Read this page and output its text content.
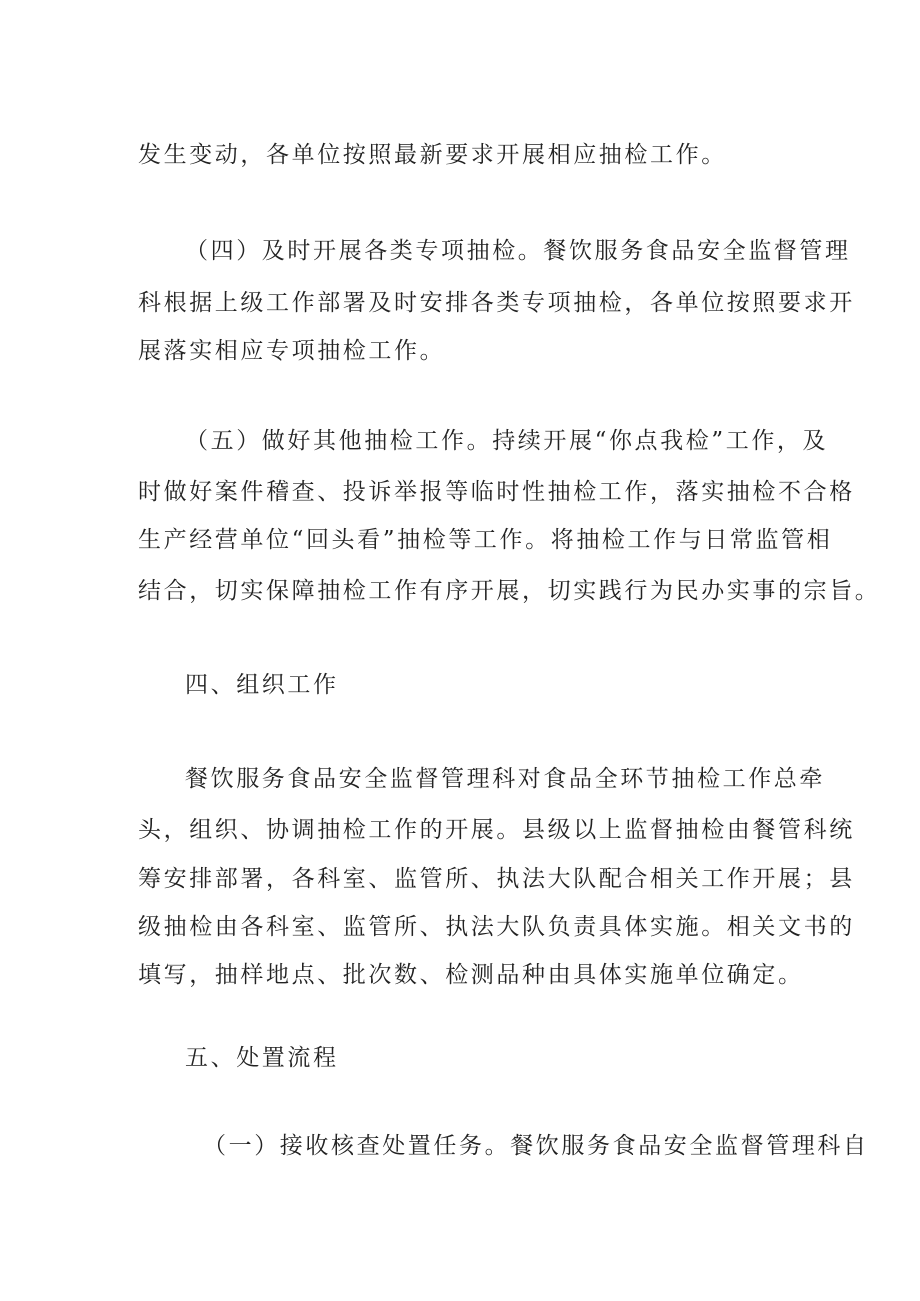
发生变动，各单位按照最新要求开展相应抽检工作。
（四）及时开展各类专项抽检。餐饮服务食品安全监督管理
科根据上级工作部署及时安排各类专项抽检，各单位按照要求开
展落实相应专项抽检工作。
（五）做好其他抽检工作。持续开展“你点我检”工作，及
时做好案件稽查、投诉举报等临时性抽检工作，落实抽检不合格
生产经营单位“回头看”抽检等工作。将抽检工作与日常监管相
结合，切实保障抽检工作有序开展，切实践行为民办实事的宗旨。
四、组织工作
餐饮服务食品安全监督管理科对食品全环节抽检工作总牵
头，组织、协调抽检工作的开展。县级以上监督抽检由餐管科统
筹安排部署，各科室、监管所、执法大队配合相关工作开展；县
级抽检由各科室、监管所、执法大队负责具体实施。相关文书的
填写，抽样地点、批次数、检测品种由具体实施单位确定。
五、处置流程
（一）接收核查处置任务。餐饮服务食品安全监督管理科自
